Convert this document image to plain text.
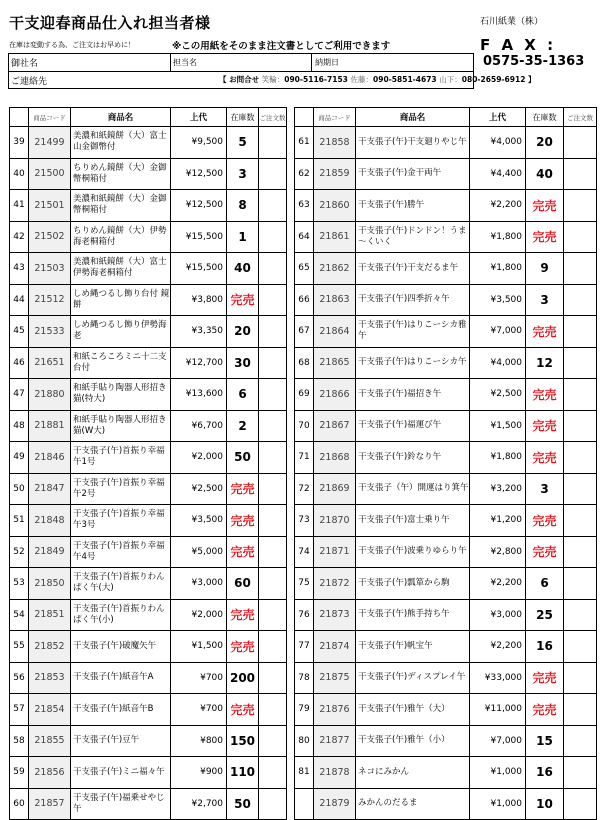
干支迎春商品仕入れ担当者様	石川紙業（株）
F A X :
0575-35-1363
在庫は変動する為、ご注文はお早めに！	※この用紙をそのまま注文書としてご利用できます
御社名	担当名	納期日
ご連絡先	【 お問合せ 笑輪：090-5116-7153 佐藤：090-5851-4673 山下：080-2659-6912 】
	商品コード	商品名	上代	在庫数	ご注文数
39	21499	美濃和紙鏡餅（大）富士山金御幣付	¥9,500	5	
40	21500	ちりめん鏡餅（大）金御幣桐箱付	¥12,500	3	
41	21501	美濃和紙鏡餅（大）金御幣桐箱付	¥12,500	8	
42	21502	ちりめん鏡餅（大）伊勢海老桐箱付	¥15,500	1	
43	21503	美濃和紙鏡餅（大）富士伊勢海老桐箱付	¥15,500	40	
44	21512	しめ縄つるし飾り台付 鏡餅	¥3,800	完売	
45	21533	しめ縄つるし飾り伊勢海老	¥3,350	20	
46	21651	和紙ころころミニ十二支台付	¥12,700	30	
47	21880	和紙手貼り陶器人形招き猫(特大)	¥13,600	6	
48	21881	和紙手貼り陶器人形招き猫(W大)	¥6,700	2	
49	21846	干支張子(午)首振り幸福午1号	¥2,000	50	
50	21847	干支張子(午)首振り幸福午2号	¥2,500	完売	
51	21848	干支張子(午)首振り幸福午3号	¥3,500	完売	
52	21849	干支張子(午)首振り幸福午4号	¥5,000	完売	
53	21850	干支張子(午)首振りわんぱく午(大)	¥3,000	60	
54	21851	干支張子(午)首振りわんぱく午(小)	¥2,000	完売	
55	21852	干支張子(午)破魔矢午	¥1,500	完売	
56	21853	干支張子(午)紙音午A	¥700	200	
57	21854	干支張子(午)紙音午B	¥700	完売	
58	21855	干支張子(午)豆午	¥800	150	
59	21856	干支張子(午)ミニ福々午	¥900	110	
60	21857	干支張子(午)福乗せやじ午	¥2,700	50	
	商品コード	商品名	上代	在庫数	ご注文数
61	21858	干支張子(午)干支廻りやじ午	¥4,000	20	
62	21859	干支張子(午)金干両午	¥4,400	40	
63	21860	干支張子(午)勝午	¥2,200	完売	
64	21861	干支張子(午)ドンドン！うま～くいく	¥1,800	完売	
65	21862	干支張子(午)干支だるま午	¥1,800	9	
66	21863	干支張子(午)四季折々午	¥3,500	3	
67	21864	干支張子(午)はりこーシカ雅午	¥7,000	完売	
68	21865	干支張子(午)はりこーシカ午	¥4,000	12	
69	21866	干支張子(午)福招き午	¥2,500	完売	
70	21867	干支張子(午)福運び午	¥1,500	完売	
71	21868	干支張子(午)鈴なり午	¥1,800	完売	
72	21869	干支張子（午）開運はり箕午	¥3,200	3	
73	21870	干支張子(午)富士乗り午	¥1,200	完売	
74	21871	干支張子(午)波乗りゆらり午	¥2,800	完売	
75	21872	干支張子(午)瓢箪から駒	¥2,200	6	
76	21873	干支張子(午)熊手持ち午	¥3,000	25	
77	21874	干支張子(午)帆宝午	¥2,200	16	
78	21875	干支張子(午)ディスプレイ午	¥33,000	完売	
79	21876	干支張子(午)雅午（大）	¥11,000	完売	
80	21877	干支張子(午)雅午（小）	¥7,000	15	
81	21878	ネコにみかん	¥1,000	16	
	21879	みかんのだるま	¥1,000	10	
